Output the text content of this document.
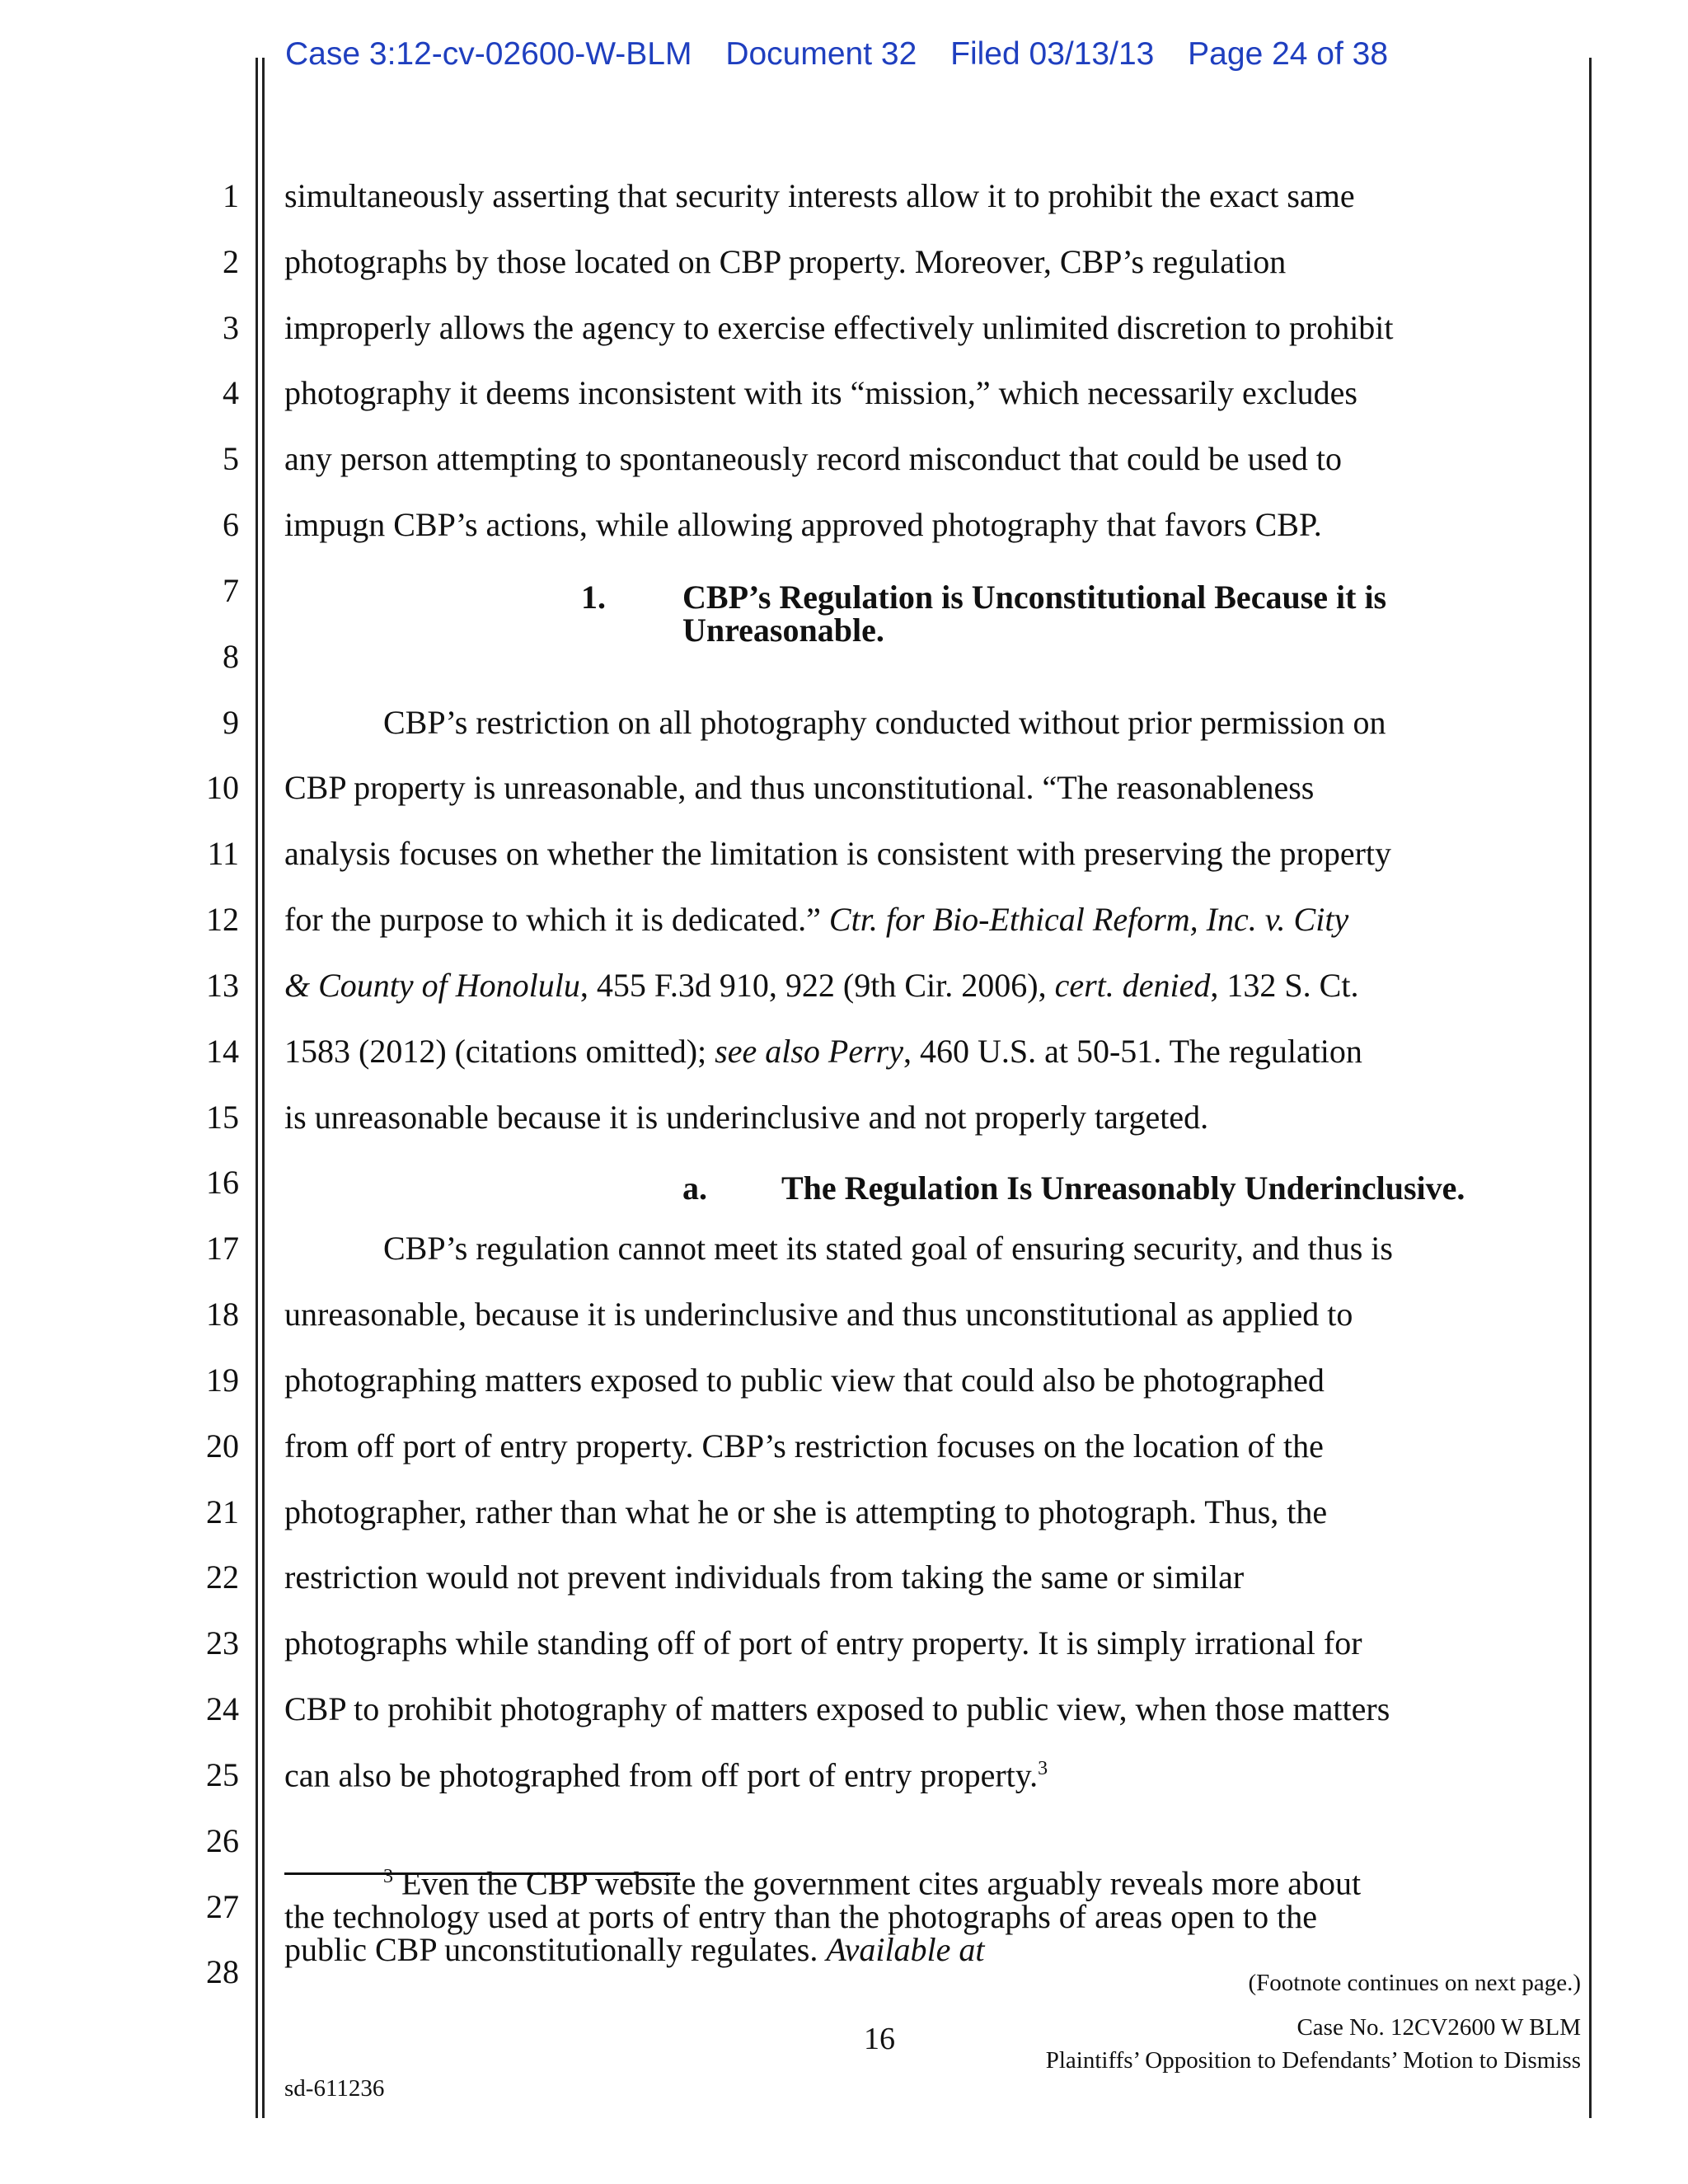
Case 3:12-cv-02600-W-BLM Document 32 Filed 03/13/13 Page 24 of 38
1
2
3
4
5
6
7
8
9
10
11
12
13
14
15
16
17
18
19
20
21
22
23
24
25
26
27
28
simultaneously asserting that security interests allow it to prohibit the exact same
photographs by those located on CBP property. Moreover, CBP’s regulation
improperly allows the agency to exercise effectively unlimited discretion to prohibit
photography it deems inconsistent with its “mission,” which necessarily excludes
any person attempting to spontaneously record misconduct that could be used to
impugn CBP’s actions, while allowing approved photography that favors CBP.
1. CBP’s Regulation is Unconstitutional Because it is
Unreasonable.
CBP’s restriction on all photography conducted without prior permission on
CBP property is unreasonable, and thus unconstitutional. “The reasonableness
analysis focuses on whether the limitation is consistent with preserving the property
for the purpose to which it is dedicated.” Ctr. for Bio-Ethical Reform, Inc. v. City
& County of Honolulu, 455 F.3d 910, 922 (9th Cir. 2006), cert. denied, 132 S. Ct.
1583 (2012) (citations omitted); see also Perry, 460 U.S. at 50-51. The regulation
is unreasonable because it is underinclusive and not properly targeted.
a. The Regulation Is Unreasonably Underinclusive.
CBP’s regulation cannot meet its stated goal of ensuring security, and thus is
unreasonable, because it is underinclusive and thus unconstitutional as applied to
photographing matters exposed to public view that could also be photographed
from off port of entry property. CBP’s restriction focuses on the location of the
photographer, rather than what he or she is attempting to photograph. Thus, the
restriction would not prevent individuals from taking the same or similar
photographs while standing off of port of entry property. It is simply irrational for
CBP to prohibit photography of matters exposed to public view, when those matters
can also be photographed from off port of entry property.$^3$
$^3$ Even the CBP website the government cites arguably reveals more about
the technology used at ports of entry than the photographs of areas open to the
public CBP unconstitutionally regulates. Available at
(Footnote continues on next page.)
16	Case No. 12CV2600 W BLM
Plaintiffs’ Opposition to Defendants’ Motion to Dismiss
sd-611236
